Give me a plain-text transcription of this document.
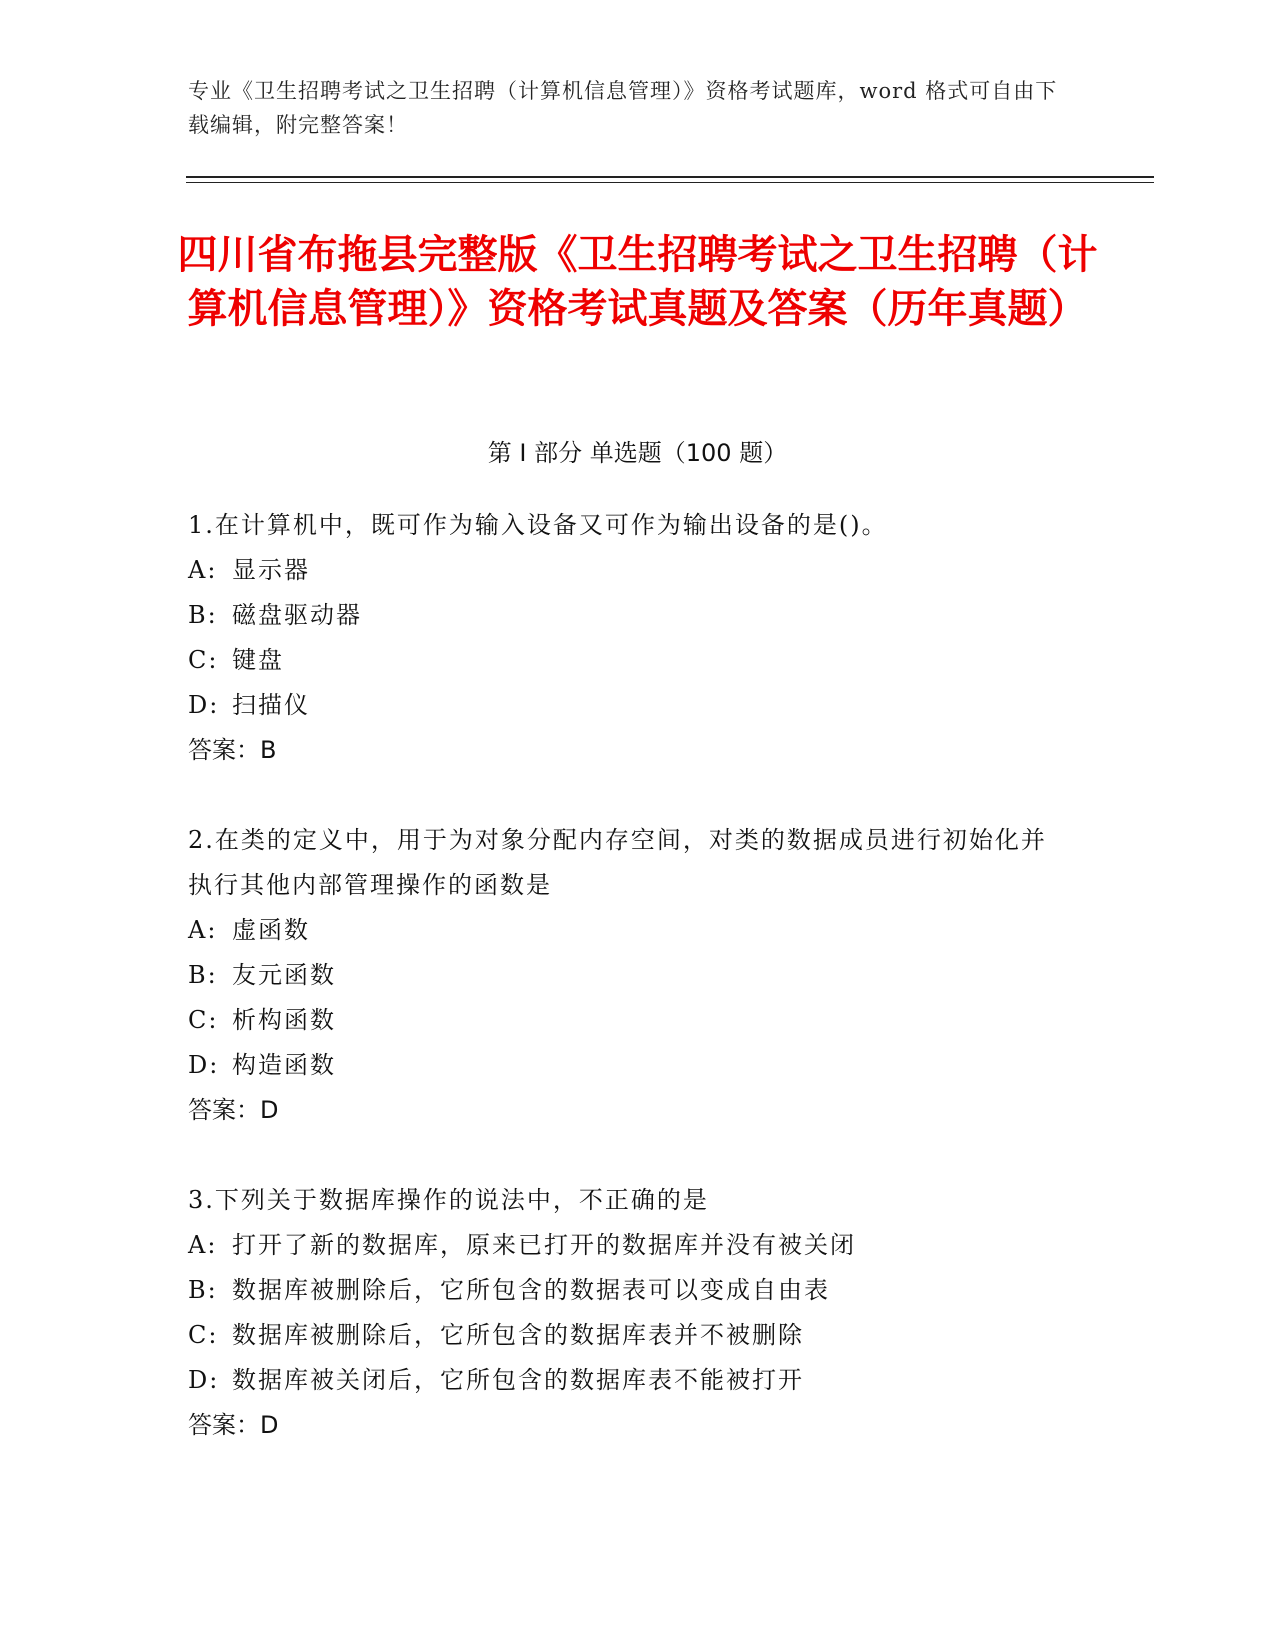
专业《卫生招聘考试之卫生招聘（计算机信息管理）》资格考试题库，word 格式可自由下载编辑，附完整答案！
四川省布拖县完整版《卫生招聘考试之卫生招聘（计算机信息管理）》资格考试真题及答案（历年真题）
第 I 部分 单选题（100 题）
1.在计算机中，既可作为输入设备又可作为输出设备的是()。
A: 显示器
B: 磁盘驱动器
C: 键盘
D: 扫描仪
答案：B
2.在类的定义中，用于为对象分配内存空间，对类的数据成员进行初始化并执行其他内部管理操作的函数是
A: 虚函数
B: 友元函数
C: 析构函数
D: 构造函数
答案：D
3.下列关于数据库操作的说法中，不正确的是
A: 打开了新的数据库，原来已打开的数据库并没有被关闭
B: 数据库被删除后，它所包含的数据表可以变成自由表
C: 数据库被删除后，它所包含的数据库表并不被删除
D: 数据库被关闭后，它所包含的数据库表不能被打开
答案：D
